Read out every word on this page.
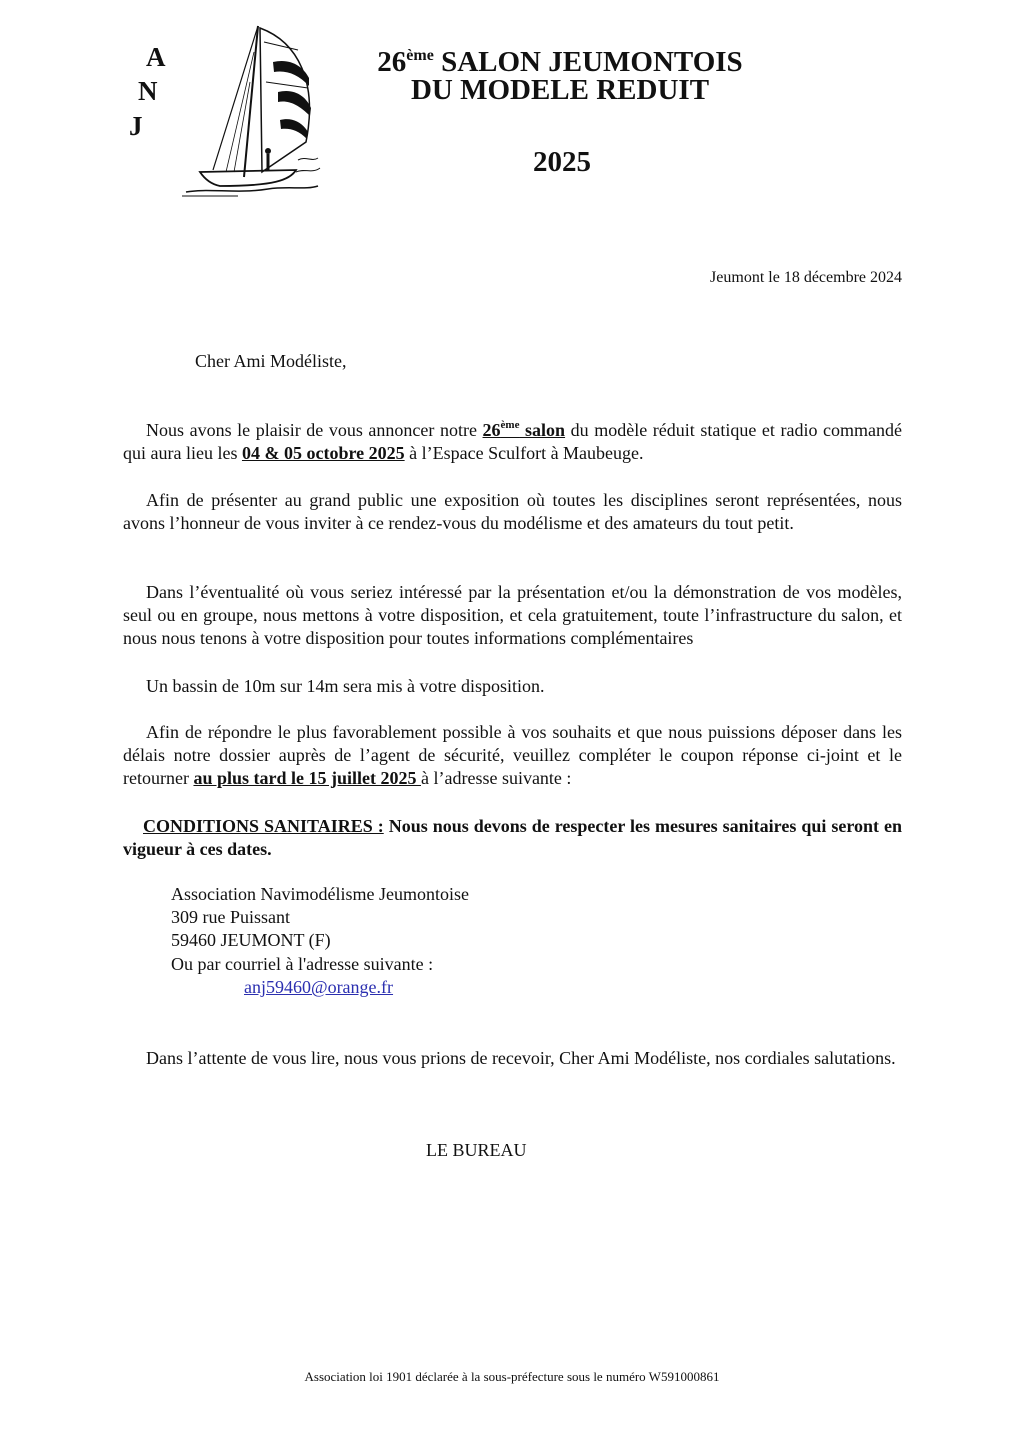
A
N
J
26ème SALON JEUMONTOIS
DU MODELE REDUIT
2025
Jeumont le 18 décembre 2024
Cher Ami Modéliste,
Nous avons le plaisir de vous annoncer notre 26ème salon du modèle réduit statique et radio commandé qui aura lieu les 04 & 05 octobre 2025 à l’Espace Sculfort à Maubeuge.
Afin de présenter au grand public une exposition où toutes les disciplines seront représentées, nous avons l’honneur de vous inviter à ce rendez-vous du modélisme et des amateurs du tout petit.
Dans l’éventualité où vous seriez intéressé par la présentation et/ou la démonstration de vos modèles, seul ou en groupe, nous mettons à votre disposition, et cela gratuitement, toute l’infrastructure du salon, et nous nous tenons à votre disposition pour toutes informations complémentaires
Un bassin de 10m sur 14m sera mis à votre disposition.
Afin de répondre le plus favorablement possible à vos souhaits et que nous puissions déposer dans les délais notre dossier auprès de l’agent de sécurité, veuillez compléter le coupon réponse ci-joint et le retourner au plus tard le 15 juillet 2025 à l’adresse suivante :
CONDITIONS SANITAIRES : Nous nous devons de respecter les mesures sanitaires qui seront en vigueur à ces dates.
Association Navimodélisme Jeumontoise
309 rue Puissant
59460 JEUMONT (F)
Ou par courriel à l'adresse suivante :
anj59460@orange.fr
Dans l’attente de vous lire, nous vous prions de recevoir, Cher Ami Modéliste, nos cordiales salutations.
LE BUREAU
Association loi 1901 déclarée à la sous-préfecture sous le numéro W591000861
